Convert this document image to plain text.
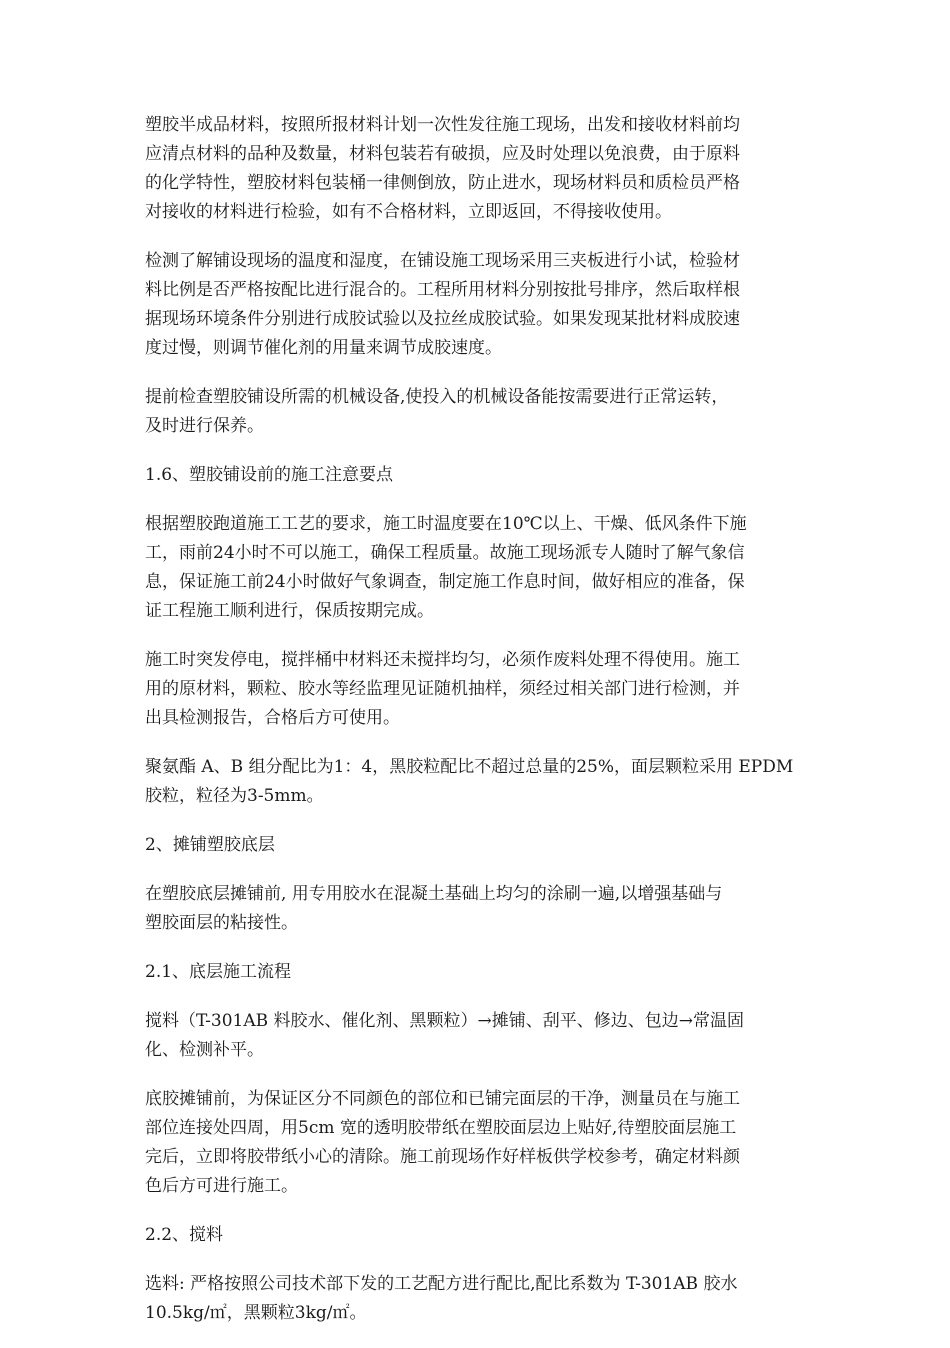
塑胶半成品材料，按照所报材料计划一次性发往施工现场，出发和接收材料前均
应清点材料的品种及数量，材料包装若有破损，应及时处理以免浪费，由于原料
的化学特性，塑胶材料包装桶一律侧倒放，防止进水，现场材料员和质检员严格
对接收的材料进行检验，如有不合格材料，立即返回，不得接收使用。
检测了解铺设现场的温度和湿度，在铺设施工现场采用三夹板进行小试，检验材
料比例是否严格按配比进行混合的。工程所用材料分别按批号排序，然后取样根
据现场环境条件分别进行成胶试验以及拉丝成胶试验。如果发现某批材料成胶速
度过慢，则调节催化剂的用量来调节成胶速度。
提前检查塑胶铺设所需的机械设备,使投入的机械设备能按需要进行正常运转，
及时进行保养。
1.6、塑胶铺设前的施工注意要点
根据塑胶跑道施工工艺的要求，施工时温度要在10℃以上、干燥、低风条件下施
工，雨前24小时不可以施工，确保工程质量。故施工现场派专人随时了解气象信
息，保证施工前24小时做好气象调查，制定施工作息时间，做好相应的准备，保
证工程施工顺利进行，保质按期完成。
施工时突发停电，搅拌桶中材料还未搅拌均匀，必须作废料处理不得使用。施工
用的原材料，颗粒、胶水等经监理见证随机抽样，须经过相关部门进行检测，并
出具检测报告，合格后方可使用。
聚氨酯 A、B 组分配比为1：4，黑胶粒配比不超过总量的25%，面层颗粒采用 EPDM
胶粒，粒径为3-5mm。
2、摊铺塑胶底层
在塑胶底层摊铺前, 用专用胶水在混凝土基础上均匀的涂刷一遍,以增强基础与
塑胶面层的粘接性。
2.1、底层施工流程
搅料（T-301AB 料胶水、催化剂、黑颗粒）→摊铺、刮平、修边、包边→常温固
化、检测补平。
底胶摊铺前，为保证区分不同颜色的部位和已铺完面层的干净，测量员在与施工
部位连接处四周，用5cm 宽的透明胶带纸在塑胶面层边上贴好,待塑胶面层施工
完后，立即将胶带纸小心的清除。施工前现场作好样板供学校参考，确定材料颜
色后方可进行施工。
2.2、搅料
选料: 严格按照公司技术部下发的工艺配方进行配比,配比系数为 T-301AB 胶水
10.5kg/㎡，黑颗粒3kg/㎡。
